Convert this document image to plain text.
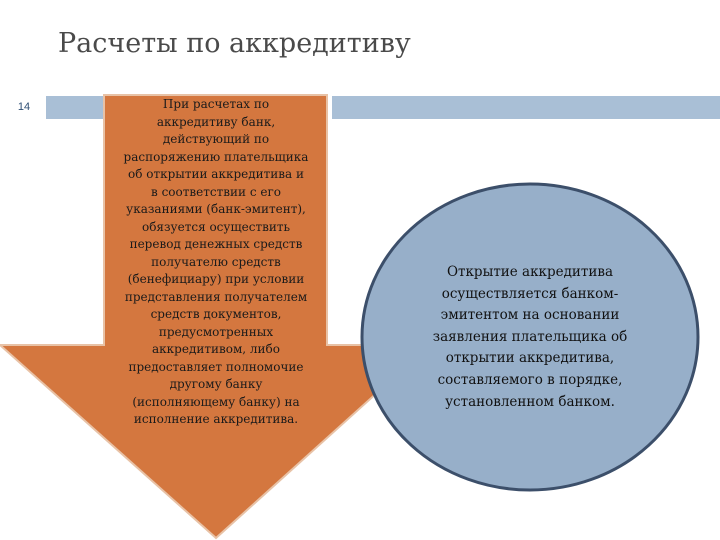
Расчеты по аккредитиву
14	При расчетах по
аккредитиву банк,
действующий по
распоряжению плательщика
об открытии аккредитива и
в соответствии с его
указаниями (банк-эмитент),
обязуется осуществить
перевод денежных средств
получателю средств
(бенефициару) при условии
представления получателем
средств документов,
предусмотренных
аккредитивом, либо
предоставляет полномочие
другому банку
(исполняющему банку) на
исполнение аккредитива.
Открытие аккредитива
осуществляется банком-
эмитентом на основании
заявления плательщика об
открытии аккредитива,
составляемого в порядке,
установленном банком.
